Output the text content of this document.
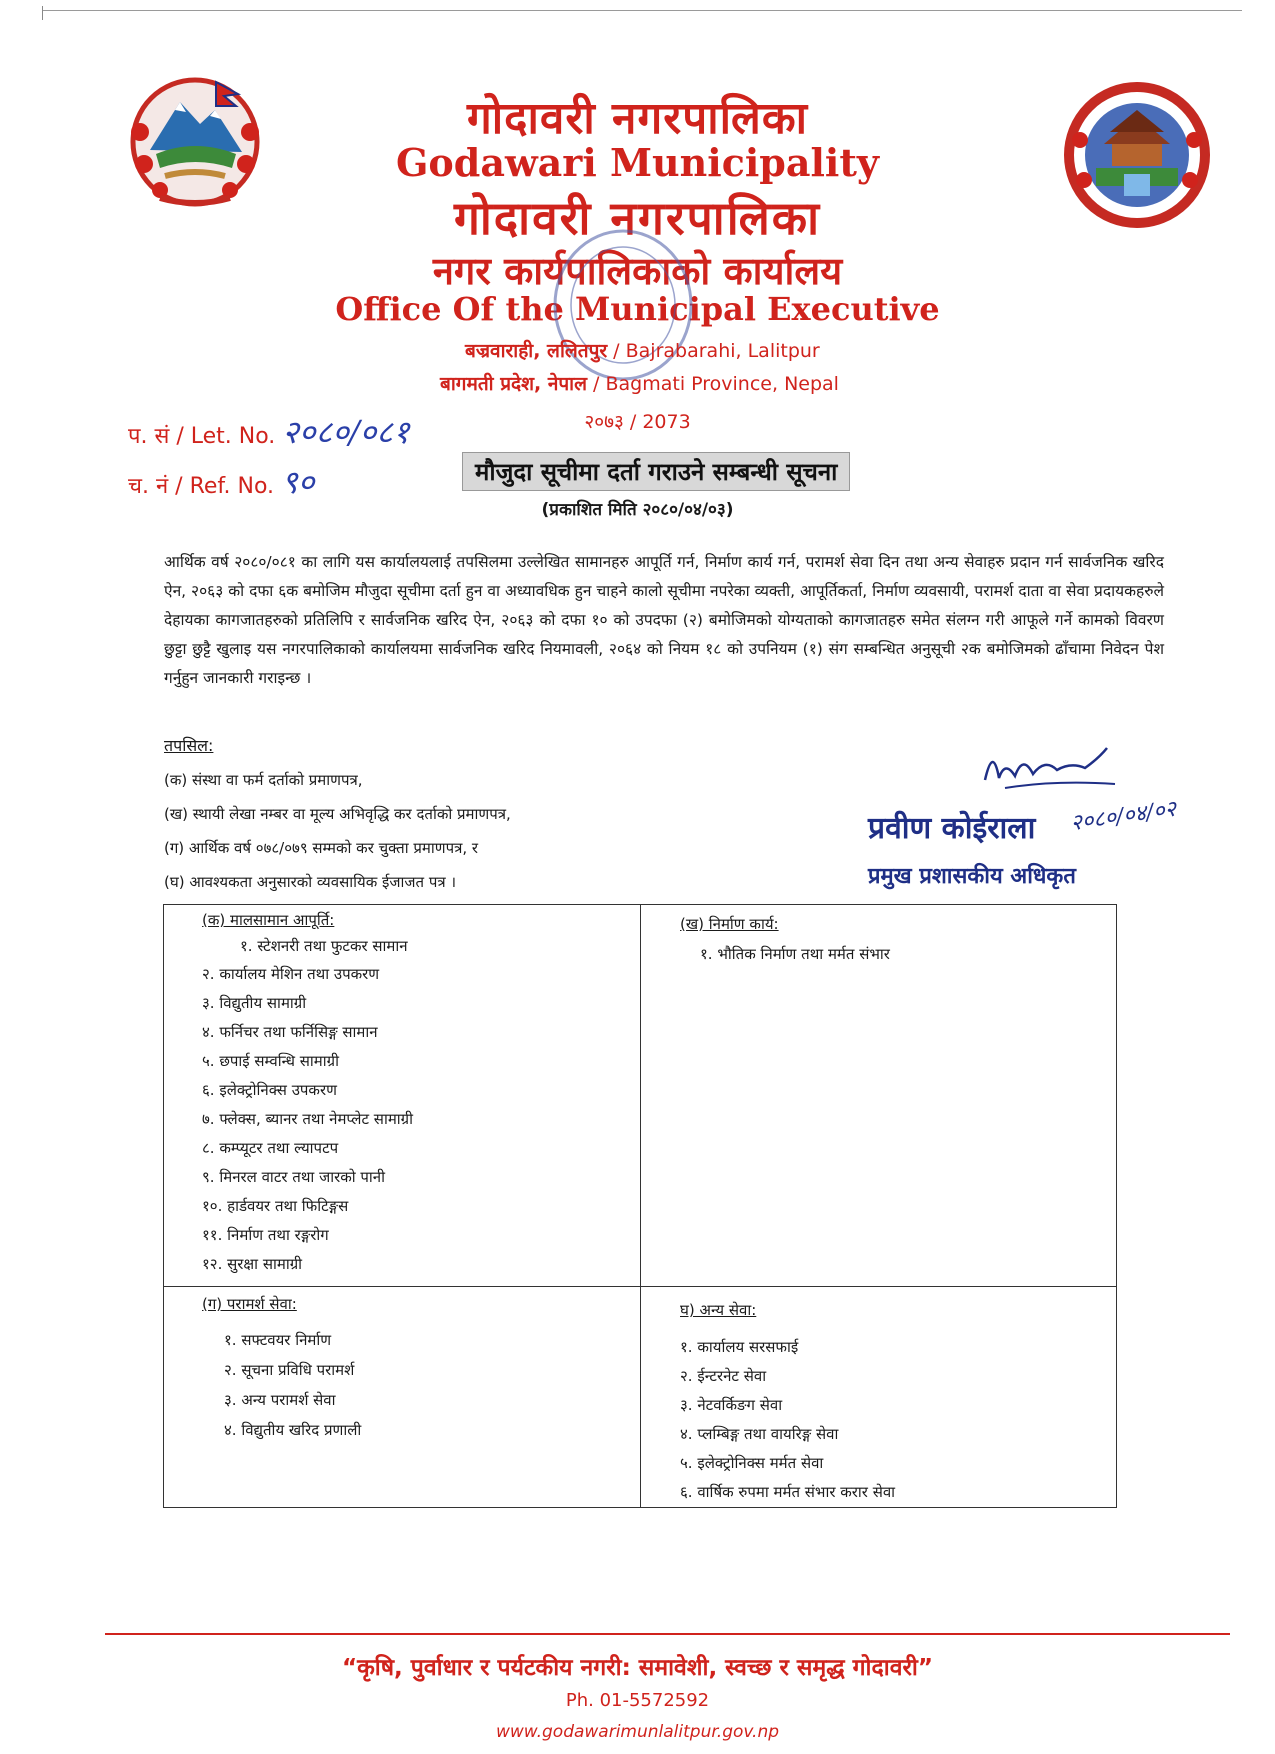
गोदावरी नगरपालिका
Godawari Municipality
गोदावरी नगरपालिका
नगर कार्यपालिकाको कार्यालय
Office Of the Municipal Executive
बज्रवाराही, ललितपुर / Bajrabarahi, Lalitpur
बागमती प्रदेश, नेपाल / Bagmati Province, Nepal
२०७३ / 2073
प. सं / Let. No. २०८०/०८१
च. नं / Ref. No. ९०	मौजुदा सूचीमा दर्ता गराउने सम्बन्धी सूचना
(प्रकाशित मिति २०८०/०४/०३)
आर्थिक वर्ष २०८०/०८१ का लागि यस कार्यालयलाई तपसिलमा उल्लेखित सामानहरु आपूर्ति गर्न, निर्माण कार्य गर्न, परामर्श सेवा दिन तथा अन्य सेवाहरु प्रदान गर्न सार्वजनिक खरिद ऐन, २०६३ को दफा ६क बमोजिम मौजुदा सूचीमा दर्ता हुन वा अध्यावधिक हुन चाहने कालो सूचीमा नपरेका व्यक्ती, आपूर्तिकर्ता, निर्माण व्यवसायी, परामर्श दाता वा सेवा प्रदायकहरुले देहायका कागजातहरुको प्रतिलिपि र सार्वजनिक खरिद ऐन, २०६३ को दफा १० को उपदफा (२) बमोजिमको योग्यताको कागजातहरु समेत संलग्न गरी आफूले गर्ने कामको विवरण छुट्टा छुट्टै खुलाइ यस नगरपालिकाको कार्यालयमा सार्वजनिक खरिद नियमावली, २०६४ को नियम १८ को उपनियम (१) संग सम्बन्धित अनुसूची २क बमोजिमको ढाँचामा निवेदन पेश गर्नुहुन जानकारी गराइन्छ ।
तपसिल:
(क) संस्था वा फर्म दर्ताको प्रमाणपत्र,
(ख) स्थायी लेखा नम्बर वा मूल्य अभिवृद्धि कर दर्ताको प्रमाणपत्र,
(ग) आर्थिक वर्ष ०७८/०७९ सम्मको कर चुक्ता प्रमाणपत्र, र
(घ) आवश्यकता अनुसारको व्यवसायिक ईजाजत पत्र ।
प्रवीण कोईराला २०८०/०४/०२
प्रमुख प्रशासकीय अधिकृत
(क) मालसामान आपूर्ति:
१. स्टेशनरी तथा फुटकर सामान
२. कार्यालय मेशिन तथा उपकरण
३. विद्युतीय सामाग्री
४. फर्निचर तथा फर्निसिङ्ग सामान
५. छपाई सम्वन्धि सामाग्री
६. इलेक्ट्रोनिक्स उपकरण
७. फ्लेक्स, ब्यानर तथा नेमप्लेट सामाग्री
८. कम्प्यूटर तथा ल्यापटप
९. मिनरल वाटर तथा जारको पानी
१०. हार्डवयर तथा फिटिङ्गस
११. निर्माण तथा रङ्गरोग
१२. सुरक्षा सामाग्री
(ख) निर्माण कार्य:
१. भौतिक निर्माण तथा मर्मत संभार
(ग) परामर्श सेवा:
१. सफ्टवयर निर्माण
२. सूचना प्रविधि परामर्श
३. अन्य परामर्श सेवा
४. विद्युतीय खरिद प्रणाली
घ) अन्य सेवा:
१. कार्यालय सरसफाई
२. ईन्टरनेट सेवा
३. नेटवर्किङग सेवा
४. प्लम्बिङ्ग तथा वायरिङ्ग सेवा
५. इलेक्ट्रोनिक्स मर्मत सेवा
६. वार्षिक रुपमा मर्मत संभार करार सेवा
“कृषि, पुर्वाधार र पर्यटकीय नगरी: समावेशी, स्वच्छ र समृद्ध गोदावरी”
Ph. 01-5572592
www.godawarimunlalitpur.gov.np
